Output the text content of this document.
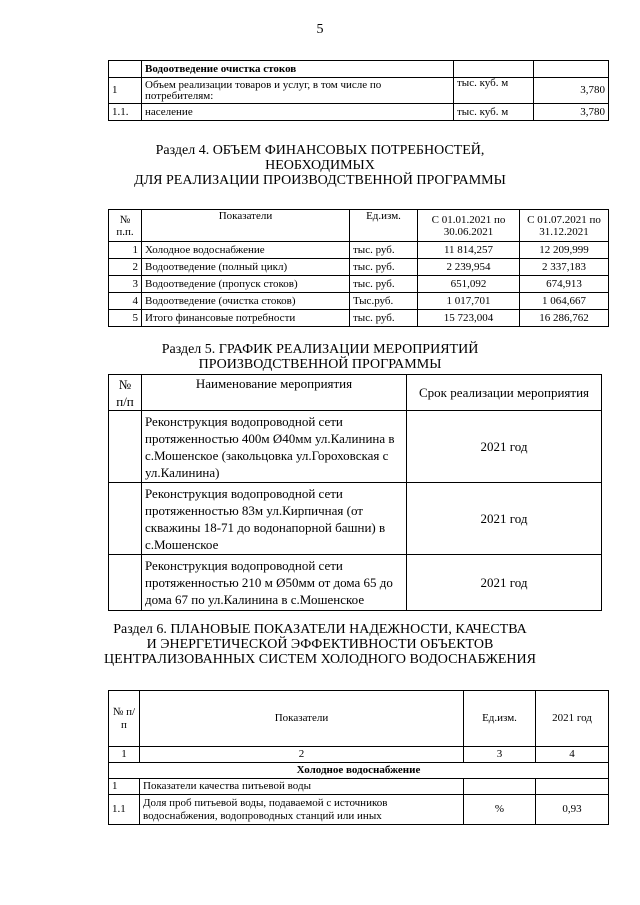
5
	Водоотведение очистка стоков		
1	Объем реализации товаров и услуг, в том числе по потребителям:	тыс. куб. м	3,780
1.1.	население	тыс. куб. м	3,780
Раздел 4. ОБЪЕМ ФИНАНСОВЫХ ПОТРЕБНОСТЕЙ,
НЕОБХОДИМЫХ
ДЛЯ РЕАЛИЗАЦИИ ПРОИЗВОДСТВЕННОЙ ПРОГРАММЫ
№ п.п.	Показатели	Ед.изм.	С 01.01.2021 по 30.06.2021	С 01.07.2021 по 31.12.2021
1	Холодное водоснабжение	тыс. руб.	11 814,257	12 209,999
2	Водоотведение (полный цикл)	тыс. руб.	2 239,954	2 337,183
3	Водоотведение (пропуск стоков)	тыс. руб.	651,092	674,913
4	Водоотведение (очистка стоков)	Тыс.руб.	1 017,701	1 064,667
5	Итого финансовые потребности	тыс. руб.	15 723,004	16 286,762
Раздел 5. ГРАФИК РЕАЛИЗАЦИИ МЕРОПРИЯТИЙ
ПРОИЗВОДСТВЕННОЙ ПРОГРАММЫ
№ п/п	Наименование мероприятия	Срок реализации мероприятия
	Реконструкция водопроводной сети протяженностью 400м Ø40мм ул.Калинина в с.Мошенское (закольцовка ул.Гороховская с ул.Калинина)	2021 год
	Реконструкция водопроводной сети протяженностью 83м ул.Кирпичная (от скважины 18-71 до водонапорной башни) в с.Мошенское	2021 год
	Реконструкция водопроводной сети протяженностью 210 м Ø50мм от дома 65 до дома 67 по ул.Калинина в с.Мошенское	2021 год
Раздел 6. ПЛАНОВЫЕ ПОКАЗАТЕЛИ НАДЕЖНОСТИ, КАЧЕСТВА
И ЭНЕРГЕТИЧЕСКОЙ ЭФФЕКТИВНОСТИ ОБЪЕКТОВ
ЦЕНТРАЛИЗОВАННЫХ СИСТЕМ ХОЛОДНОГО ВОДОСНАБЖЕНИЯ
№ п/п	Показатели	Ед.изм.	2021 год
1	2	3	4
Холодное водоснабжение			
1	Показатели качества питьевой воды		
1.1	Доля проб питьевой воды, подаваемой с источников водоснабжения, водопроводных станций или иных	%	0,93
